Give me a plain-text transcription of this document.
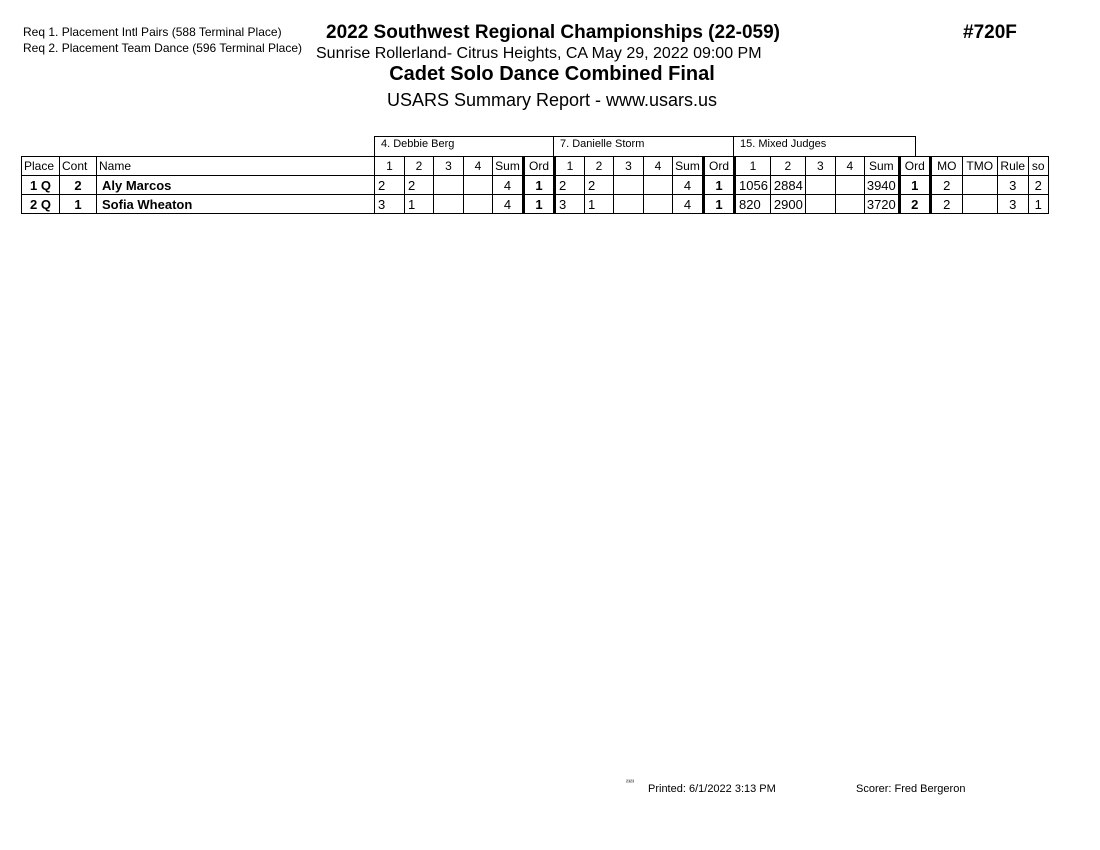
Req 1. Placement Intl Pairs (588 Terminal Place)
Req 2. Placement Team Dance (596 Terminal Place)
2022 Southwest Regional Championships (22-059)	#720F
Sunrise Rollerland- Citrus Heights, CA May 29, 2022 09:00 PM
Cadet Solo Dance Combined Final
USARS Summary Report - www.usars.us
4. Debbie Berg	7. Danielle Storm	15. Mixed Judges
Place	Cont	Name	1	2	3	4	Sum	Ord	1	2	3	4	Sum	Ord	1	2	3	4	Sum	Ord	MO	TMO	Rule	so
1 Q	2	Aly Marcos	2	2			4	1	2	2			4	1	1056	2884			3940	1	2		3	2
2 Q	1	Sofia Wheaton	3	1			4	1	3	1			4	1	820	2900			3720	2	2		3	1
²³²³ Printed: 6/1/2022 3:13 PM	Scorer: Fred Bergeron
